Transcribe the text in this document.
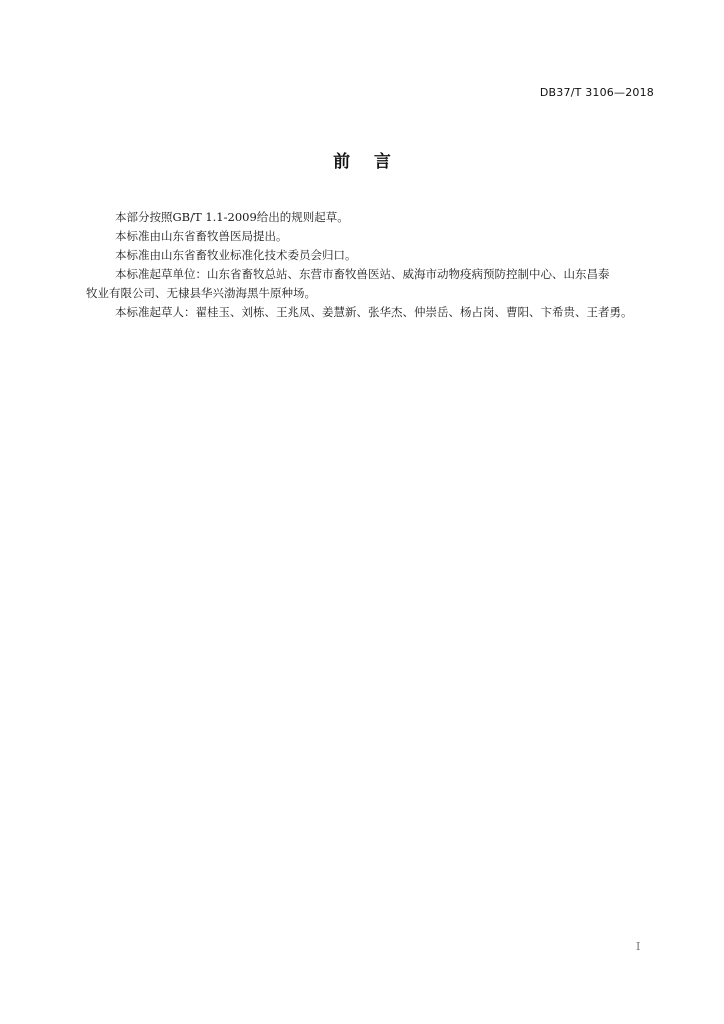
DB37/T 3106—2018
前    言
本部分按照GB/T 1.1-2009给出的规则起草。
本标准由山东省畜牧兽医局提出。
本标准由山东省畜牧业标准化技术委员会归口。
本标准起草单位：山东省畜牧总站、东营市畜牧兽医站、威海市动物疫病预防控制中心、山东昌泰
牧业有限公司、无棣县华兴渤海黑牛原种场。
本标准起草人：翟桂玉、刘栋、王兆凤、姜慧新、张华杰、仲崇岳、杨占岗、曹阳、卞希贵、王者勇。
I
